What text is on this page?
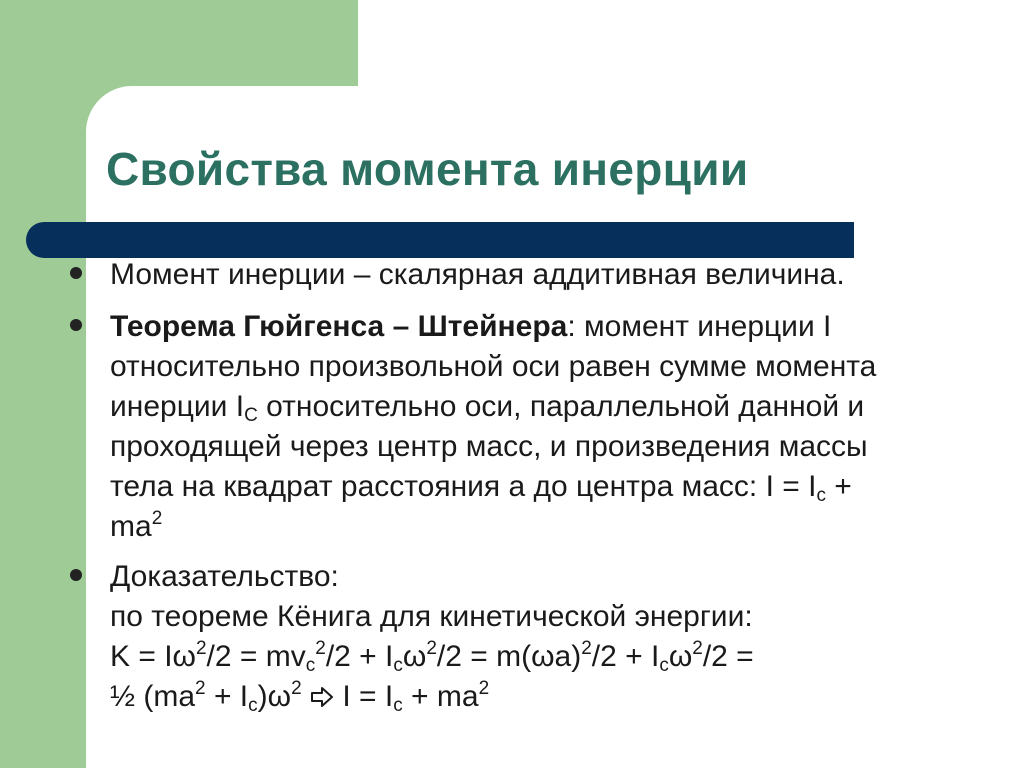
Свойства момента инерции
Момент инерции – скалярная аддитивная величина.
Теорема Гюйгенса – Штейнера: момент инерции I
относительно произвольной оси равен сумме момента
инерции $I_C$ относительно оси, параллельной данной и
проходящей через центр масс, и произведения массы
тела на квадрат расстояния a до центра масс: $I = I_c$ +
$ma^2$
Доказательство:
по теореме Кёнига для кинетической энергии:
$K = I\omega^2/2 = mv_c^2/2 + I_c\omega^2/2 = m(\omega a)^2/2 + I_c\omega^2/2$ =
½ $(ma^2 + I_c)\omega^2$  $I = I_c + ma^2$
